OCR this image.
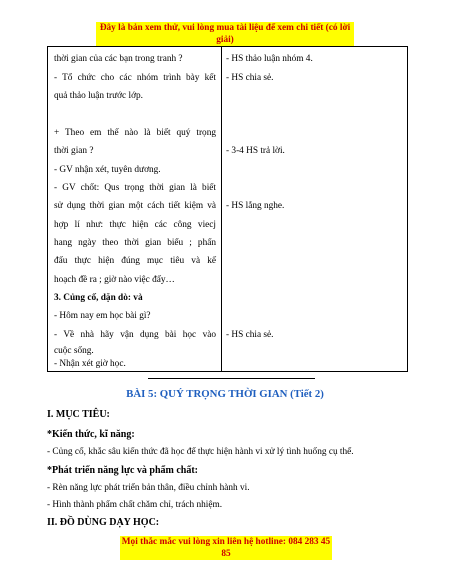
Đây là bản xem thử, vui lòng mua tài liệu để xem chi tiết (có lời giải)
thời gian của các bạn trong tranh ?
- Tổ chức cho các nhóm trình bày kết
quả thảo luận trước lớp.
+ Theo em thế nào là biết quý trọng
thời gian ?
- GV nhận xét, tuyên dương.
- GV chốt: Qus trọng thời gian là biết
sử dụng thời gian một cách tiết kiệm và
hợp lí như: thực hiện các công viecj
hang ngày theo thời gian biểu ; phấn
đấu thực hiện đúng mục tiêu và kế
hoạch đề ra ; giờ nào việc đấy…
3. Củng cố, dặn dò: và
- Hôm nay em học bài gì?
- Về nhà hãy vận dụng bài học vào
cuộc sống.
- Nhận xét giờ học.
- HS thảo luận nhóm 4.
- HS chia sẻ.
- 3-4 HS trả lời.
- HS lắng nghe.
- HS chia sẻ.
BÀI 5: QUÝ TRỌNG THỜI GIAN (Tiết 2)
I. MỤC TIÊU:
*Kiến thức, kĩ năng:
- Củng cố, khắc sâu kiến thức đã học để thực hiện hành vi xử lý tình huống cụ thể.
*Phát triển năng lực và phẩm chất:
- Rèn năng lực phát triển bản thân, điều chỉnh hành vi.
- Hình thành phẩm chất chăm chỉ, trách nhiệm.
II. ĐỒ DÙNG DẠY HỌC:
Mọi thắc mắc vui lòng xin liên hệ hotline: 084 283 45 85
